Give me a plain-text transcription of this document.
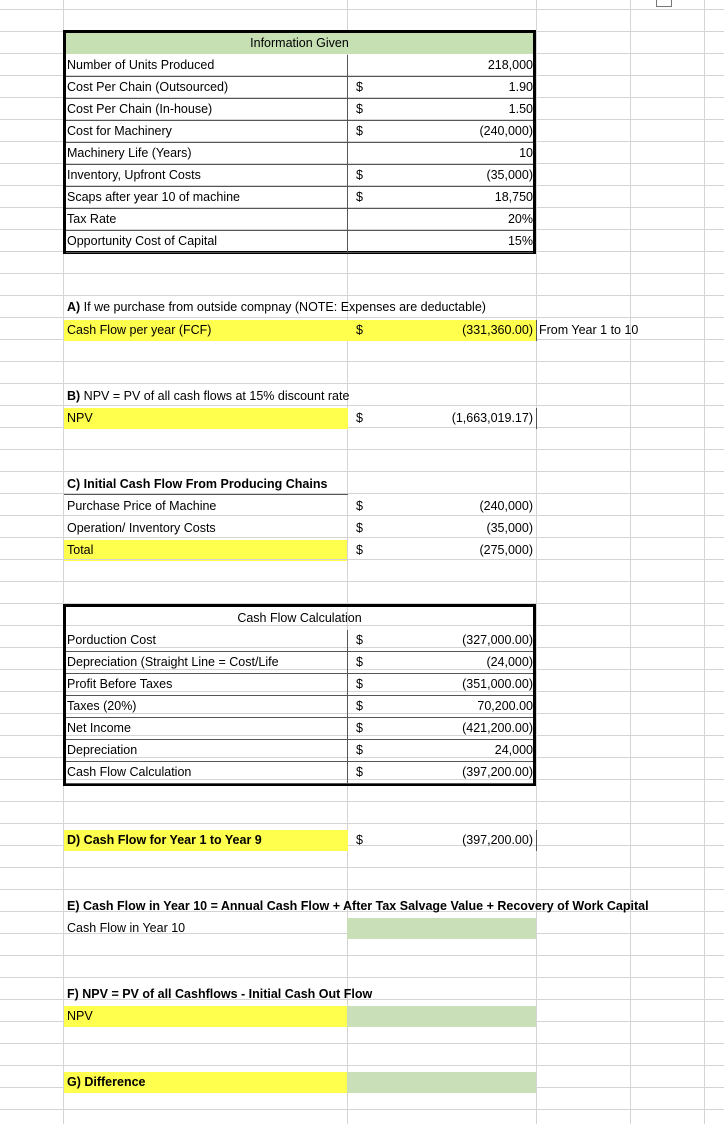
Information Given
Number of Units Produced	218,000
Cost Per Chain (Outsourced)	$	1.90
Cost Per Chain (In-house)	$	1.50
Cost for Machinery	$	(240,000)
Machinery Life (Years)	10
Inventory, Upfront Costs	$	(35,000)
Scaps after year 10 of machine	$	18,750
Tax Rate	20%
Opportunity Cost of Capital	15%
A) If we purchase from outside compnay (NOTE: Expenses are deductable)
Cash Flow per year (FCF)	$	(331,360.00) From Year 1 to 10
B) NPV = PV of all cash flows at 15% discount rate
NPV	$	(1,663,019.17)
C) Initial Cash Flow From Producing Chains
Purchase Price of Machine	$	(240,000)
Operation/ Inventory Costs	$	(35,000)
Total	$	(275,000)
Cash Flow Calculation
Porduction Cost	$	(327,000.00)
Depreciation (Straight Line = Cost/Life	$	(24,000)
Profit Before Taxes	$	(351,000.00)
Taxes (20%)	$	70,200.00
Net Income	$	(421,200.00)
Depreciation	$	24,000
Cash Flow Calculation	$	(397,200.00)
D) Cash Flow for Year 1 to Year 9	$	(397,200.00)
E) Cash Flow in Year 10 = Annual Cash Flow + After Tax Salvage Value + Recovery of Work Capital
Cash Flow in Year 10
F) NPV = PV of all Cashflows - Initial Cash Out Flow
NPV
G) Difference
